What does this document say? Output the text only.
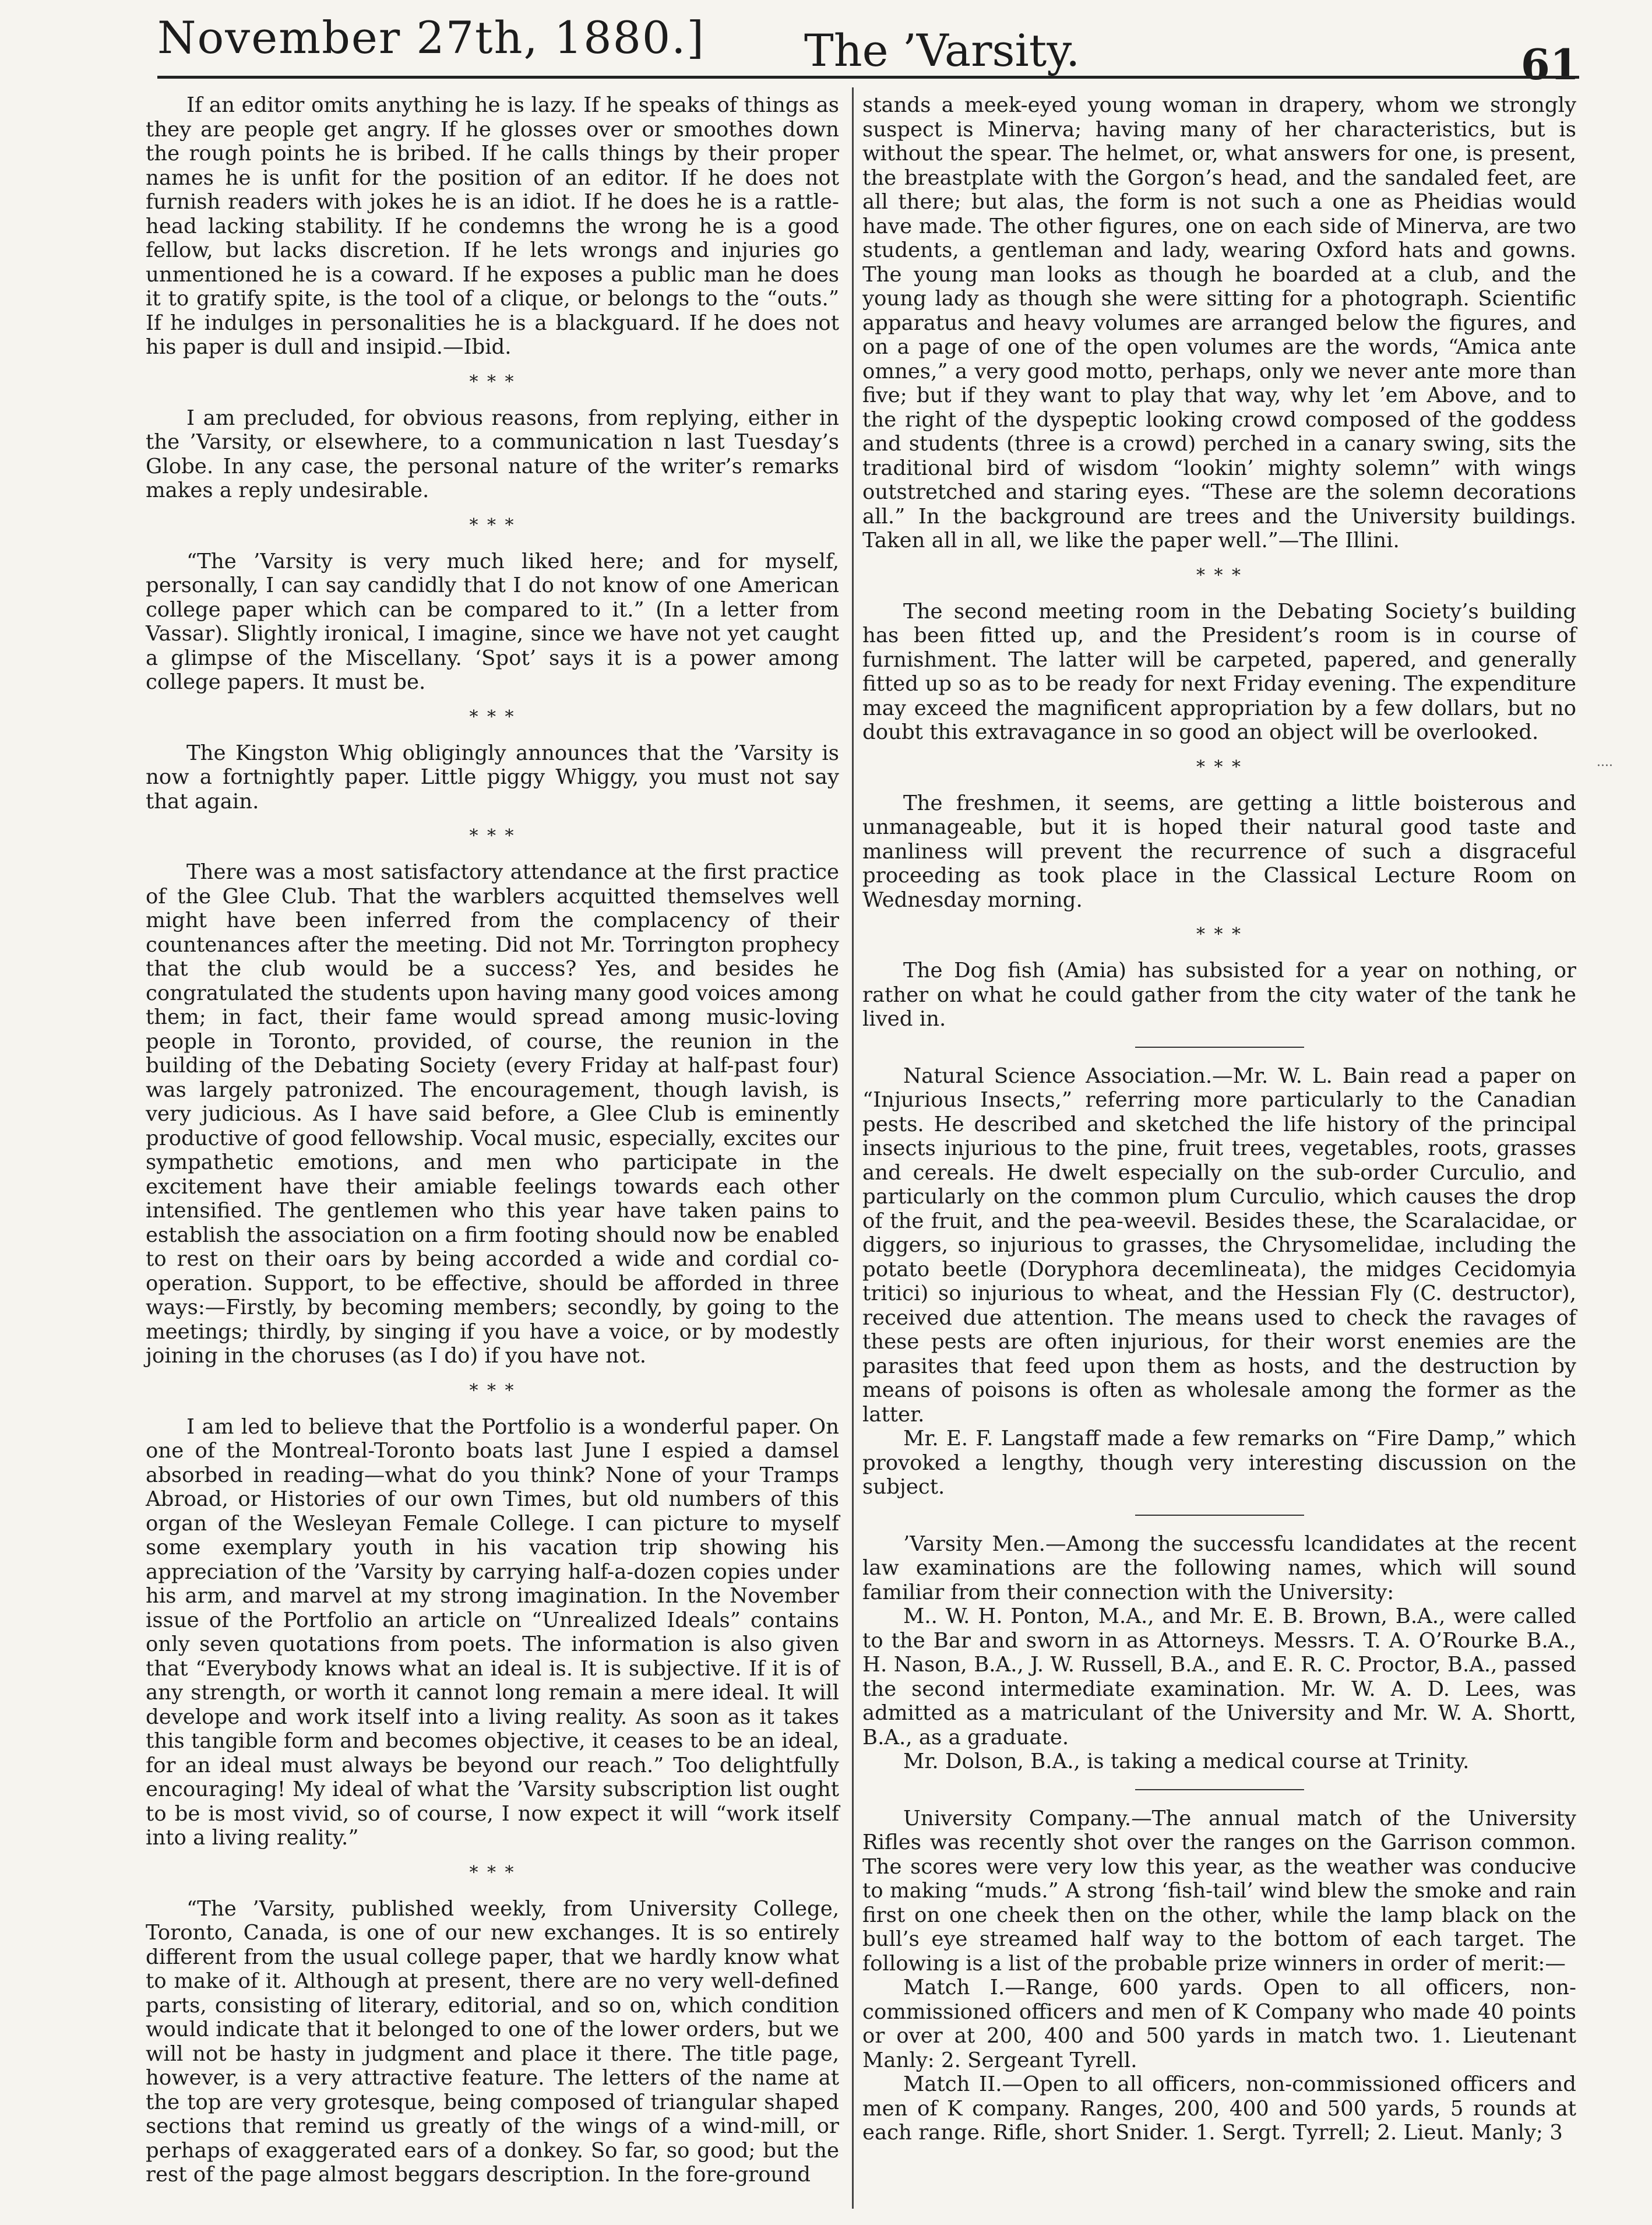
November 27th, 1880.] The ’Varsity.	61

If an editor omits anything he is lazy. If he speaks of things as they are people get angry. If he glosses over or smoothes down the rough points he is bribed. If he calls things by their proper names he is unfit for the position of an editor. If he does not furnish readers with jokes he is an idiot. If he does he is a rattle-head lacking stability. If he condemns the wrong he is a good fellow, but lacks discretion. If he lets wrongs and injuries go unmentioned he is a coward. If he exposes a public man he does it to gratify spite, is the tool of a clique, or belongs to the “outs.” If he indulges in personalities he is a blackguard. If he does not his paper is dull and insipid.—Ibid.

* * *

I am precluded, for obvious reasons, from replying, either in the ’Varsity, or elsewhere, to a communication n last Tuesday’s Globe. In any case, the personal nature of the writer’s remarks makes a reply undesirable.

* * *

“The ’Varsity is very much liked here; and for myself, personally, I can say candidly that I do not know of one American college paper which can be compared to it.” (In a letter from Vassar). Slightly ironical, I imagine, since we have not yet caught a glimpse of the Miscellany. ‘Spot’ says it is a power among college papers. It must be.

* * *

The Kingston Whig obligingly announces that the ’Varsity is now a fortnightly paper. Little piggy Whiggy, you must not say that again.

* * *

There was a most satisfactory attendance at the first practice of the Glee Club. That the warblers acquitted themselves well might have been inferred from the complacency of their countenances after the meeting. Did not Mr. Torrington prophecy that the club would be a success? Yes, and besides he congratulated the students upon having many good voices among them; in fact, their fame would spread among music-loving people in Toronto, provided, of course, the reunion in the building of the Debating Society (every Friday at half-past four) was largely patronized. The encouragement, though lavish, is very judicious. As I have said before, a Glee Club is eminently productive of good fellowship. Vocal music, especially, excites our sympathetic emotions, and men who participate in the excitement have their amiable feelings towards each other intensified. The gentlemen who this year have taken pains to establish the association on a firm footing should now be enabled to rest on their oars by being accorded a wide and cordial co-operation. Support, to be effective, should be afforded in three ways:—Firstly, by becoming members; secondly, by going to the meetings; thirdly, by singing if you have a voice, or by modestly joining in the choruses (as I do) if you have not.

* * *

I am led to believe that the Portfolio is a wonderful paper. On one of the Montreal-Toronto boats last June I espied a damsel absorbed in reading—what do you think? None of your Tramps Abroad, or Histories of our own Times, but old numbers of this organ of the Wesleyan Female College. I can picture to myself some exemplary youth in his vacation trip showing his appreciation of the ’Varsity by carrying half-a-dozen copies under his arm, and marvel at my strong imagination. In the November issue of the Portfolio an article on “Unrealized Ideals” contains only seven quotations from poets. The information is also given that “Everybody knows what an ideal is. It is subjective. If it is of any strength, or worth it cannot long remain a mere ideal. It will develope and work itself into a living reality. As soon as it takes this tangible form and becomes objective, it ceases to be an ideal, for an ideal must always be beyond our reach.” Too delightfully encouraging! My ideal of what the ’Varsity subscription list ought to be is most vivid, so of course, I now expect it will “work itself into a living reality.”

* * *

“The ’Varsity, published weekly, from University College, Toronto, Canada, is one of our new exchanges. It is so entirely different from the usual college paper, that we hardly know what to make of it. Although at present, there are no very well-defined parts, consisting of literary, editorial, and so on, which condition would indicate that it belonged to one of the lower orders, but we will not be hasty in judgment and place it there. The title page, however, is a very attractive feature. The letters of the name at the top are very grotesque, being composed of triangular shaped sections that remind us greatly of the wings of a wind-mill, or perhaps of exaggerated ears of a donkey. So far, so good; but the rest of the page almost beggars description. In the fore-ground

stands a meek-eyed young woman in drapery, whom we strongly suspect is Minerva; having many of her characteristics, but is without the spear. The helmet, or, what answers for one, is present, the breastplate with the Gorgon’s head, and the sandaled feet, are all there; but alas, the form is not such a one as Pheidias would have made. The other figures, one on each side of Minerva, are two students, a gentleman and lady, wearing Oxford hats and gowns. The young man looks as though he boarded at a club, and the young lady as though she were sitting for a photograph. Scientific apparatus and heavy volumes are arranged below the figures, and on a page of one of the open volumes are the words, “Amica ante omnes,” a very good motto, perhaps, only we never ante more than five; but if they want to play that way, why let ’em Above, and to the right of the dyspeptic looking crowd composed of the goddess and students (three is a crowd) perched in a canary swing, sits the traditional bird of wisdom “lookin’ mighty solemn” with wings outstretched and staring eyes. “These are the solemn decorations all.” In the background are trees and the University buildings. Taken all in all, we like the paper well.”—The Illini.

* * *

The second meeting room in the Debating Society’s building has been fitted up, and the President’s room is in course of furnishment. The latter will be carpeted, papered, and generally fitted up so as to be ready for next Friday evening. The expenditure may exceed the magnificent appropriation by a few dollars, but no doubt this extravagance in so good an object will be overlooked.

* * *

The freshmen, it seems, are getting a little boisterous and unmanageable, but it is hoped their natural good taste and manliness will prevent the recurrence of such a disgraceful proceeding as took place in the Classical Lecture Room on Wednesday morning.

* * *

The Dog fish (Amia) has subsisted for a year on nothing, or rather on what he could gather from the city water of the tank he lived in.

Natural Science Association.—Mr. W. L. Bain read a paper on “Injurious Insects,” referring more particularly to the Canadian pests. He described and sketched the life history of the principal insects injurious to the pine, fruit trees, vegetables, roots, grasses and cereals. He dwelt especially on the sub-order Curculio, and particularly on the common plum Curculio, which causes the drop of the fruit, and the pea-weevil. Besides these, the Scaralacidae, or diggers, so injurious to grasses, the Chrysomelidae, including the potato beetle (Doryphora decemlineata), the midges Cecidomyia tritici) so injurious to wheat, and the Hessian Fly (C. destructor), received due attention. The means used to check the ravages of these pests are often injurious, for their worst enemies are the parasites that feed upon them as hosts, and the destruction by means of poisons is often as wholesale among the former as the latter.

Mr. E. F. Langstaff made a few remarks on “Fire Damp,” which provoked a lengthy, though very interesting discussion on the subject.

’Varsity Men.—Among the successfu lcandidates at the recent law examinations are the following names, which will sound familiar from their connection with the University:

M.. W. H. Ponton, M.A., and Mr. E. B. Brown, B.A., were called to the Bar and sworn in as Attorneys. Messrs. T. A. O’Rourke B.A., H. Nason, B.A., J. W. Russell, B.A., and E. R. C. Proctor, B.A., passed the second intermediate examination. Mr. W. A. D. Lees, was admitted as a matriculant of the University and Mr. W. A. Shortt, B.A., as a graduate.

Mr. Dolson, B.A., is taking a medical course at Trinity.

University Company.—The annual match of the University Rifles was recently shot over the ranges on the Garrison common. The scores were very low this year, as the weather was conducive to making “muds.” A strong ‘fish-tail’ wind blew the smoke and rain first on one cheek then on the other, while the lamp black on the bull’s eye streamed half way to the bottom of each target. The following is a list of the probable prize winners in order of merit:—

Match I.—Range, 600 yards. Open to all officers, non-commissioned officers and men of K Company who made 40 points or over at 200, 400 and 500 yards in match two. 1. Lieutenant Manly: 2. Sergeant Tyrell.

Match II.—Open to all officers, non-commissioned officers and men of K company. Ranges, 200, 400 and 500 yards, 5 rounds at each range. Rifle, short Snider. 1. Sergt. Tyrrell; 2. Lieut. Manly; 3

····
